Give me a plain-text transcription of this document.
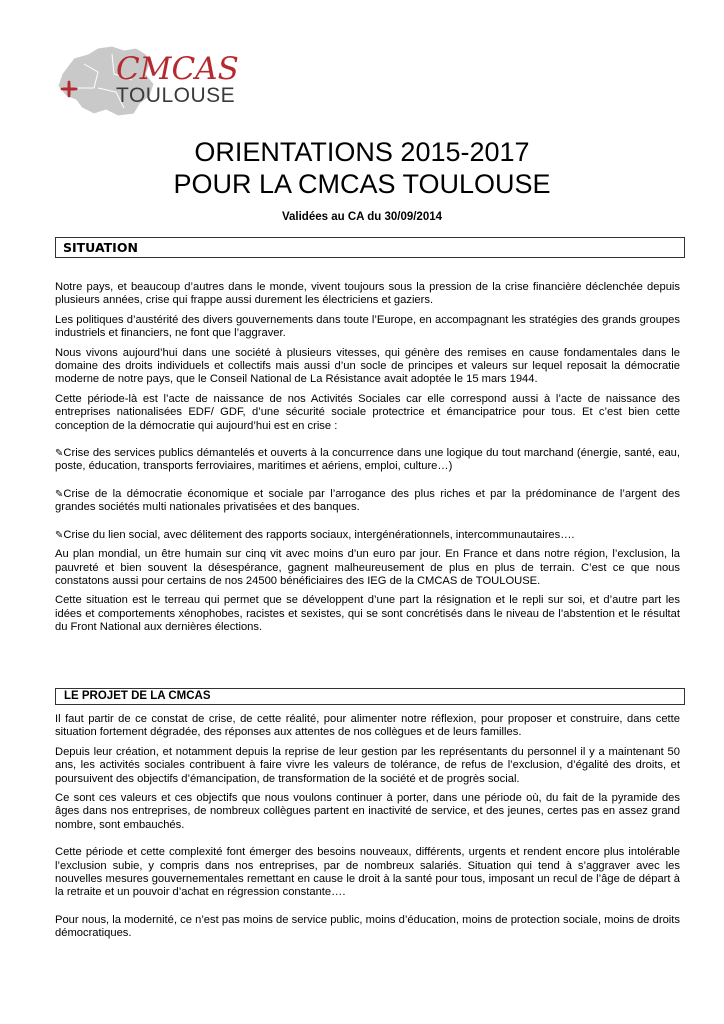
CMCAS
TOULOUSE
ORIENTATIONS 2015-2017
POUR LA CMCAS TOULOUSE
Validées au CA du 30/09/2014
SITUATION

Notre pays, et beaucoup d’autres dans le monde, vivent toujours sous la pression de la crise financière déclenchée depuis plusieurs années, crise qui frappe aussi durement les électriciens et gaziers.

Les politiques d’austérité des divers gouvernements dans toute l’Europe, en accompagnant les stratégies des grands groupes industriels et financiers, ne font que l’aggraver.

Nous vivons aujourd’hui dans une société à plusieurs vitesses, qui génère des remises en cause fondamentales dans le domaine des droits individuels et collectifs mais aussi d’un socle de principes et valeurs sur lequel reposait la démocratie moderne de notre pays, que le Conseil National de La Résistance avait adoptée le 15 mars 1944.

Cette période-là est l’acte de naissance de nos Activités Sociales car elle correspond aussi à l’acte de naissance des entreprises nationalisées EDF/ GDF, d’une sécurité sociale protectrice et émancipatrice pour tous. Et c’est bien cette conception de la démocratie qui aujourd’hui est en crise :

✎Crise des services publics démantelés et ouverts à la concurrence dans une logique du tout marchand (énergie, santé, eau, poste, éducation, transports ferroviaires, maritimes et aériens, emploi, culture…)

✎Crise de la démocratie économique et sociale par l’arrogance des plus riches et par la prédominance de l’argent des grandes sociétés multi nationales privatisées et des banques.

✎Crise du lien social, avec délitement des rapports sociaux, intergénérationnels, intercommunautaires….

Au plan mondial, un être humain sur cinq vit avec moins d’un euro par jour. En France et dans notre région, l’exclusion, la pauvreté et bien souvent la désespérance, gagnent malheureusement de plus en plus de terrain. C’est ce que nous constatons aussi pour certains de nos 24500 bénéficiaires des IEG de la CMCAS de TOULOUSE.

Cette situation est le terreau qui permet que se développent d’une part la résignation et le repli sur soi, et d’autre part les idées et comportements xénophobes, racistes et sexistes, qui se sont concrétisés dans le niveau de l’abstention et le résultat du Front National aux dernières élections.

LE PROJET DE LA CMCAS

Il faut partir de ce constat de crise, de cette réalité, pour alimenter notre réflexion, pour proposer et construire, dans cette situation fortement dégradée, des réponses aux attentes de nos collègues et de leurs familles.

Depuis leur création, et notamment depuis la reprise de leur gestion par les représentants du personnel il y a maintenant 50 ans, les activités sociales contribuent à faire vivre les valeurs de tolérance, de refus de l’exclusion, d’égalité des droits, et poursuivent des objectifs d’émancipation, de transformation de la société et de progrès social.

Ce sont ces valeurs et ces objectifs que nous voulons continuer à porter, dans une période où, du fait de la pyramide des âges dans nos entreprises, de nombreux collègues partent en inactivité de service, et des jeunes, certes pas en assez grand nombre, sont embauchés.

Cette période et cette complexité font émerger des besoins nouveaux, différents, urgents et rendent encore plus intolérable l’exclusion subie, y compris dans nos entreprises, par de nombreux salariés. Situation qui tend à s’aggraver avec les nouvelles mesures gouvernementales remettant en cause le droit à la santé pour tous, imposant un recul de l’âge de départ à la retraite et un pouvoir d’achat en régression constante….

Pour nous, la modernité, ce n’est pas moins de service public, moins d’éducation, moins de protection sociale, moins de droits démocratiques.
